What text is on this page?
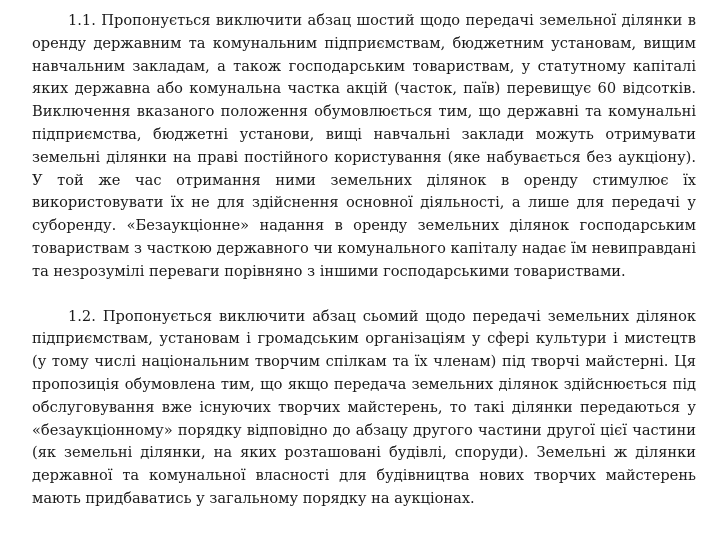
1.1. Пропонується виключити абзац шостий щодо передачі земельної ділянки в оренду державним та комунальним підприємствам, бюджетним установам, вищим навчальним закладам, а також господарським товариствам, у статутному капіталі яких державна або комунальна частка акцій (часток, паїв) перевищує 60 відсотків. Виключення вказаного положення обумовлюється тим, що державні та комунальні підприємства, бюджетні установи, вищі навчальні заклади можуть отримувати земельні ділянки на праві постійного користування (яке набувається без аукціону). У той же час отримання ними земельних ділянок в оренду стимулює їх використовувати їх не для здійснення основної діяльності, а лише для передачі у суборенду. «Безаукціонне» надання в оренду земельних ділянок господарським товариствам з часткою державного чи комунального капіталу надає їм невиправдані та незрозумілі переваги порівняно з іншими господарськими товариствами.

1.2. Пропонується виключити абзац сьомий щодо передачі земельних ділянок підприємствам, установам і громадським організаціям у сфері культури і мистецтв (у тому числі національним творчим спілкам та їх членам) під творчі майстерні. Ця пропозиція обумовлена тим, що якщо передача земельних ділянок здійснюється під обслуговування вже існуючих творчих майстерень, то такі ділянки передаються у «безаукціонному» порядку відповідно до абзацу другого частини другої цієї частини (як земельні ділянки, на яких розташовані будівлі, споруди). Земельні ж ділянки державної та комунальної власності для будівництва нових творчих майстерень мають придбаватись у загальному порядку на аукціонах.
